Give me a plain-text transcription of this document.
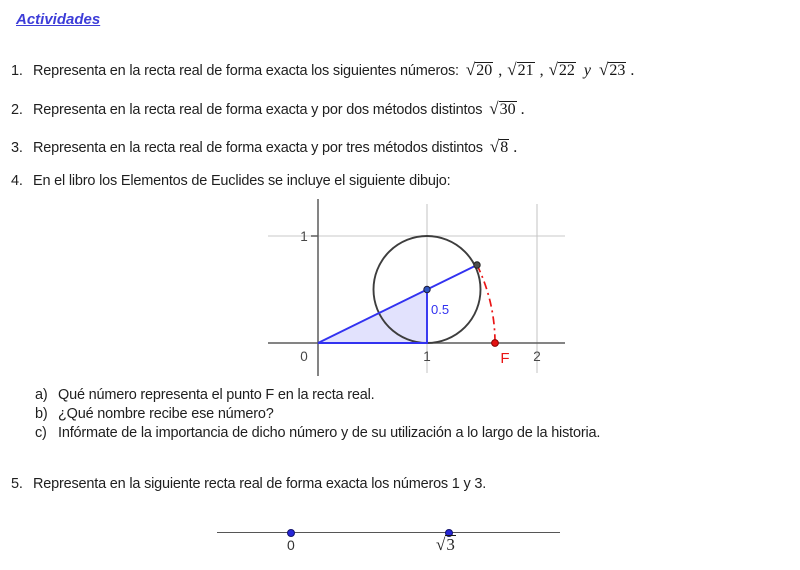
Actividades
1. Representa en la recta real de forma exacta los siguientes números: √20 , √21 , √22 y √23 .
2. Representa en la recta real de forma exacta y por dos métodos distintos √30 .
3. Representa en la recta real de forma exacta y por tres métodos distintos √8 .
4. En el libro los Elementos de Euclides se incluye el siguiente dibujo:
0	1	2
1
0.5
F
a) Qué número representa el punto F en la recta real.
b) ¿Qué nombre recibe ese número?
c) Infórmate de la importancia de dicho número y de su utilización a lo largo de la historia.
5. Representa en la siguiente recta real de forma exacta los números 1 y 3.
0	√3
